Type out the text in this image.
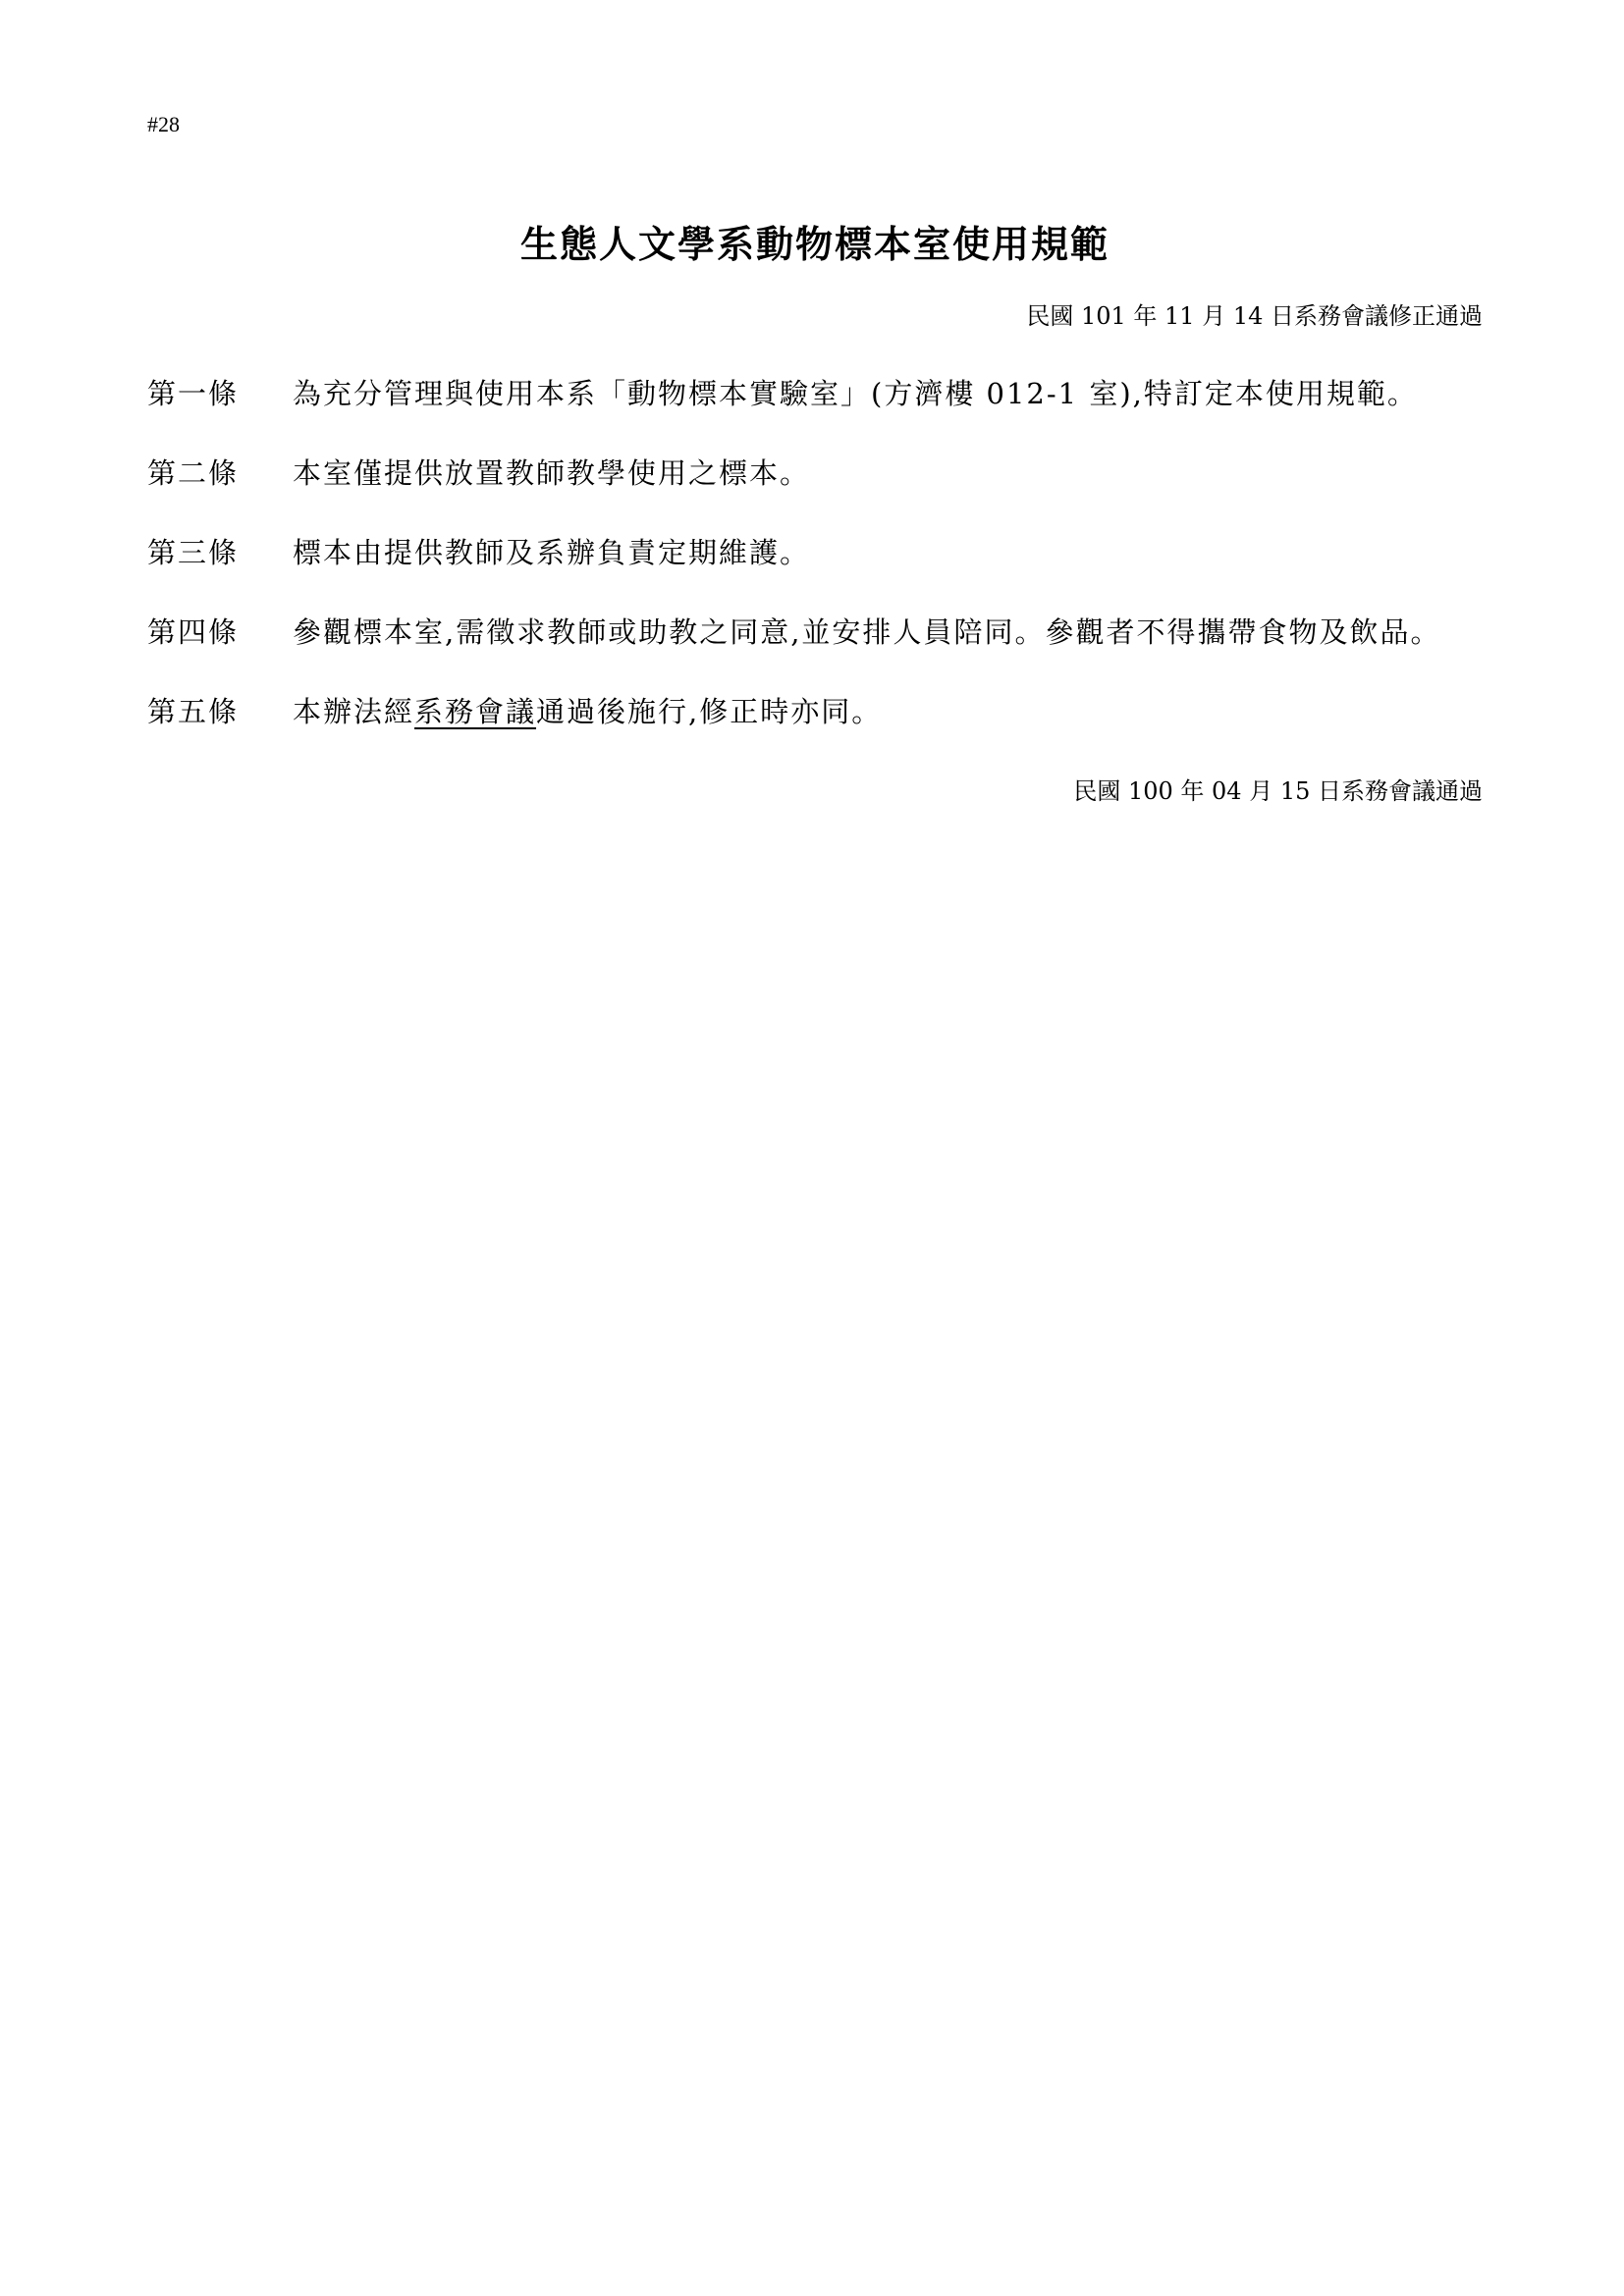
#28
生態人文學系動物標本室使用規範
民國 101 年 11 月 14 日系務會議修正通過
第一條	為充分管理與使用本系「動物標本實驗室」(方濟樓 012-1 室),特訂定本使用規範。
第二條	本室僅提供放置教師教學使用之標本。
第三條	標本由提供教師及系辦負責定期維護。
第四條	參觀標本室,需徵求教師或助教之同意,並安排人員陪同。參觀者不得攜帶食物及飲品。
第五條	本辦法經系務會議通過後施行,修正時亦同。
民國 100 年 04 月 15 日系務會議通過
